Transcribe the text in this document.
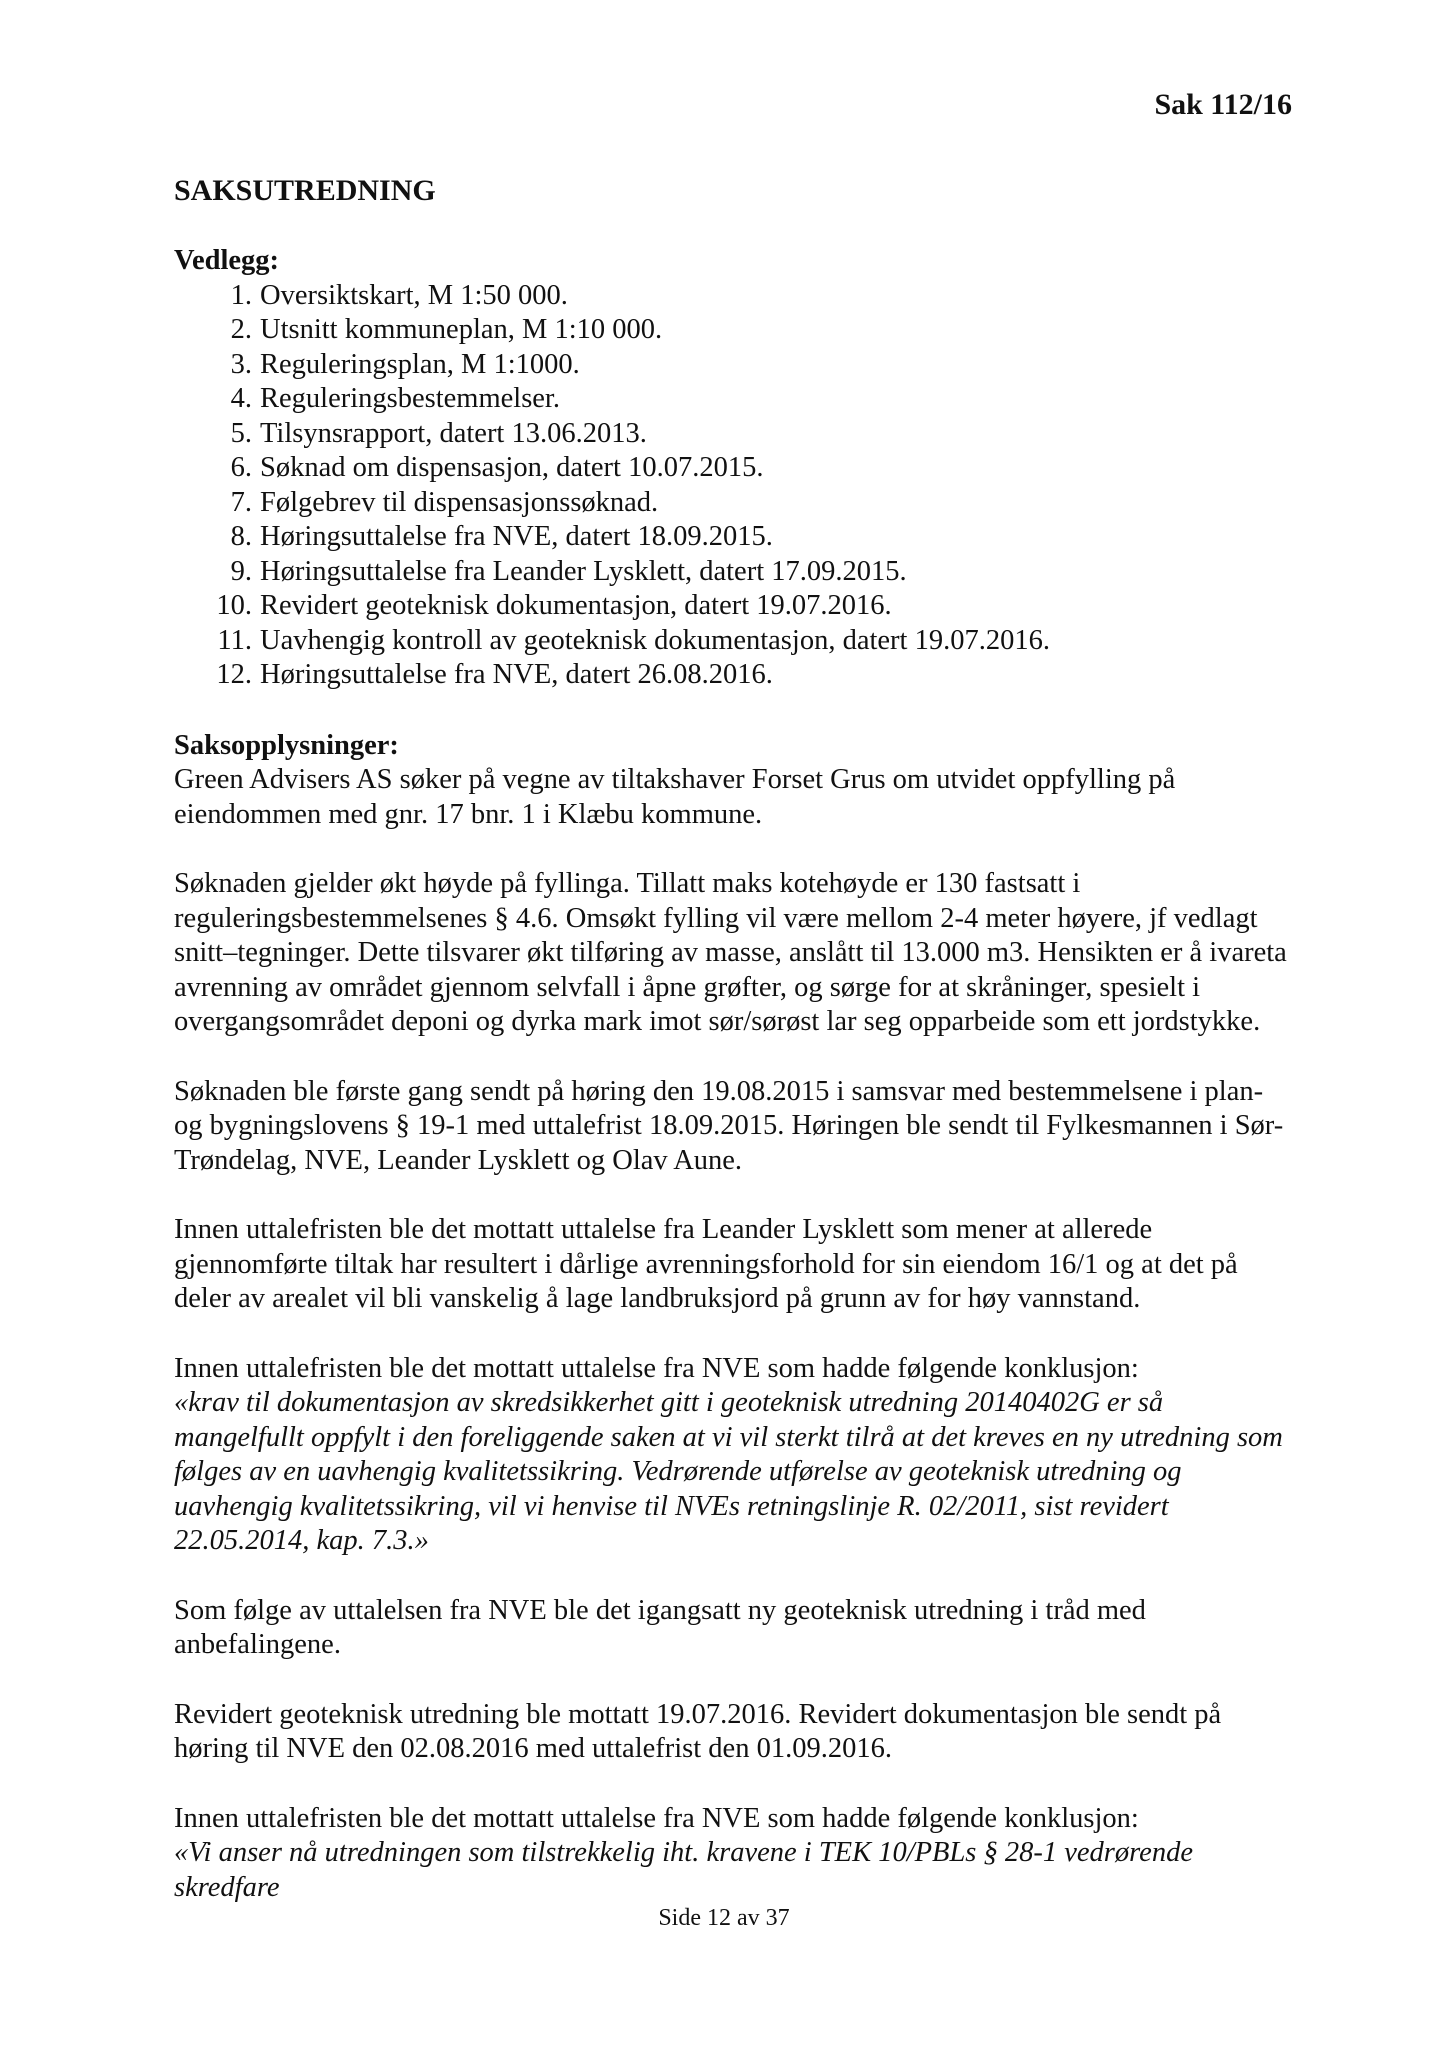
Sak 112/16
SAKSUTREDNING
Vedlegg:
1. Oversiktskart, M 1:50 000.
2. Utsnitt kommuneplan, M 1:10 000.
3. Reguleringsplan, M 1:1000.
4. Reguleringsbestemmelser.
5. Tilsynsrapport, datert 13.06.2013.
6. Søknad om dispensasjon, datert 10.07.2015.
7. Følgebrev til dispensasjonssøknad.
8. Høringsuttalelse fra NVE, datert 18.09.2015.
9. Høringsuttalelse fra Leander Lysklett, datert 17.09.2015.
10. Revidert geoteknisk dokumentasjon, datert 19.07.2016.
11. Uavhengig kontroll av geoteknisk dokumentasjon, datert 19.07.2016.
12. Høringsuttalelse fra NVE, datert 26.08.2016.
Saksopplysninger:

Green Advisers AS søker på vegne av tiltakshaver Forset Grus om utvidet oppfylling på eiendommen med gnr. 17 bnr. 1 i Klæbu kommune.

Søknaden gjelder økt høyde på fyllinga. Tillatt maks kotehøyde er 130 fastsatt i reguleringsbestemmelsenes § 4.6. Omsøkt fylling vil være mellom 2-4 meter høyere, jf vedlagt snitt–tegninger. Dette tilsvarer økt tilføring av masse, anslått til 13.000 m3. Hensikten er å ivareta avrenning av området gjennom selvfall i åpne grøfter, og sørge for at skråninger, spesielt i overgangsområdet deponi og dyrka mark imot sør/sørøst lar seg opparbeide som ett jordstykke.

Søknaden ble første gang sendt på høring den 19.08.2015 i samsvar med bestemmelsene i plan- og bygningslovens § 19-1 med uttalefrist 18.09.2015. Høringen ble sendt til Fylkesmannen i Sør-Trøndelag, NVE, Leander Lysklett og Olav Aune.

Innen uttalefristen ble det mottatt uttalelse fra Leander Lysklett som mener at allerede gjennomførte tiltak har resultert i dårlige avrenningsforhold for sin eiendom 16/1 og at det på deler av arealet vil bli vanskelig å lage landbruksjord på grunn av for høy vannstand.

Innen uttalefristen ble det mottatt uttalelse fra NVE som hadde følgende konklusjon:

«krav til dokumentasjon av skredsikkerhet gitt i geoteknisk utredning 20140402G er så mangelfullt oppfylt i den foreliggende saken at vi vil sterkt tilrå at det kreves en ny utredning som følges av en uavhengig kvalitetssikring. Vedrørende utførelse av geoteknisk utredning og uavhengig kvalitetssikring, vil vi henvise til NVEs retningslinje R. 02/2011, sist revidert 22.05.2014, kap. 7.3.»

Som følge av uttalelsen fra NVE ble det igangsatt ny geoteknisk utredning i tråd med anbefalingene.

Revidert geoteknisk utredning ble mottatt 19.07.2016. Revidert dokumentasjon ble sendt på høring til NVE den 02.08.2016 med uttalefrist den 01.09.2016.

Innen uttalefristen ble det mottatt uttalelse fra NVE som hadde følgende konklusjon:

«Vi anser nå utredningen som tilstrekkelig iht. kravene i TEK 10/PBLs § 28-1 vedrørende skredfare

Side 12 av 37
